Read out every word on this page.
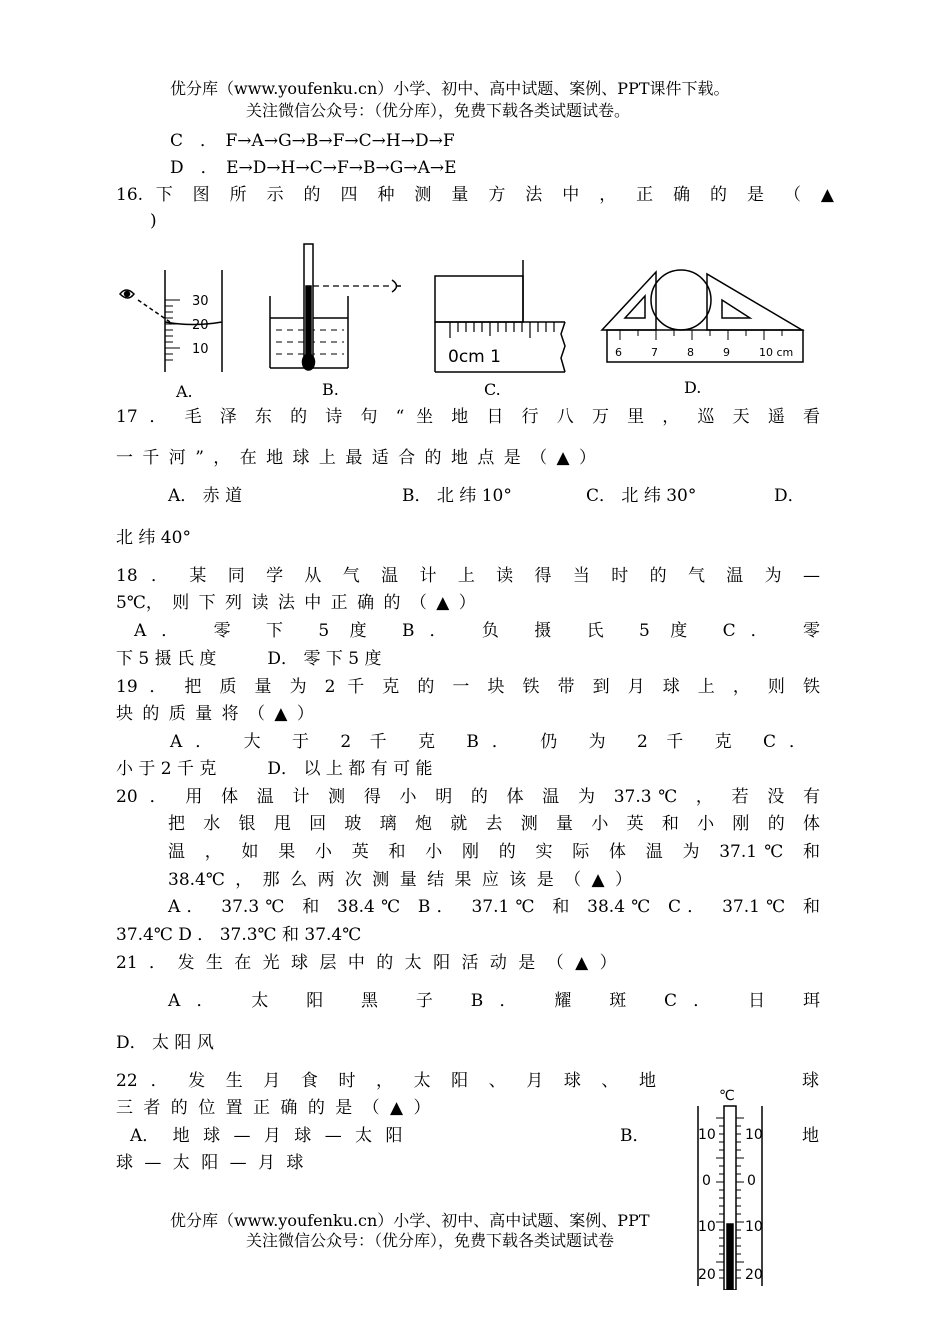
优分库（www.youfenku.cn）小学、初中、高中试题、案例、PPT课件下载。
关注微信公众号：（优分库），免费下载各类试题试卷。
C　．　F→A→G→B→F→C→H→D→F
D　．　E→D→H→C→F→B→G→A→E
16. 下 图 所 示 的 四 种 测 量 方 法 中 ， 正 确 的 是 （ ▲
)
30
20
10	0cm 1	6	7	8	9	10 cm
A.	B.	C.	D.
17 ． 毛 泽 东 的 诗 句 “ 坐 地 日 行 八 万 里 ， 巡 天 遥 看
一 千 河 ” ， 在 地 球 上 最 适 合 的 地 点 是 （ ▲ ）
A． 赤 道	B． 北 纬 10°	C． 北 纬 30°	D．
北 纬 40°
18 ． 某 同 学 从 气 温 计 上 读 得 当 时 的 气 温 为 —
5℃， 则 下 列 读 法 中 正 确 的 （ ▲ ）
A． 零 下 5 度 B． 负 摄 氏 5 度 C． 零
下 5 摄 氏 度　　　D． 零 下 5 度
19 ． 把 质 量 为 2 千 克 的 一 块 铁 带 到 月 球 上 ， 则 铁
块 的 质 量 将 （ ▲ ）
A． 大 于 2 千 克 B． 仍 为 2 千 克 C．
小 于 2 千 克　　　D． 以 上 都 有 可 能
20 ． 用 体 温 计 测 得 小 明 的 体 温 为 37.3℃ ， 若 没 有
把 水 银 甩 回 玻 璃 炮 就 去 测 量 小 英 和 小 刚 的 体
温 ， 如 果 小 英 和 小 刚 的 实 际 体 温 为 37.1℃ 和
38.4℃ ， 那 么 两 次 测 量 结 果 应 该 是 （ ▲ ）
A． 37.3℃ 和 38.4℃ B． 37.1℃ 和 38.4℃ C． 37.1℃ 和
37.4℃ D ． 37.3℃ 和 37.4℃
21 ． 发 生 在 光 球 层 中 的 太 阳 活 动 是 （ ▲ ）
A． 太 阳 黑 子 B． 耀 斑 C． 日 珥
D． 太 阳 风
22 ． 发 生 月 食 时 ， 太 阳 、 月 球 、 地	球
三 者 的 位 置 正 确 的 是 （ ▲ ）
A． 地 球 — 月 球 — 太 阳	B．	地
球 — 太 阳 — 月 球
℃
10
0
10
20
10
0
10
20
优分库（www.youfenku.cn）小学、初中、高中试题、案例、PPT
关注微信公众号：（优分库），免费下载各类试题试卷
